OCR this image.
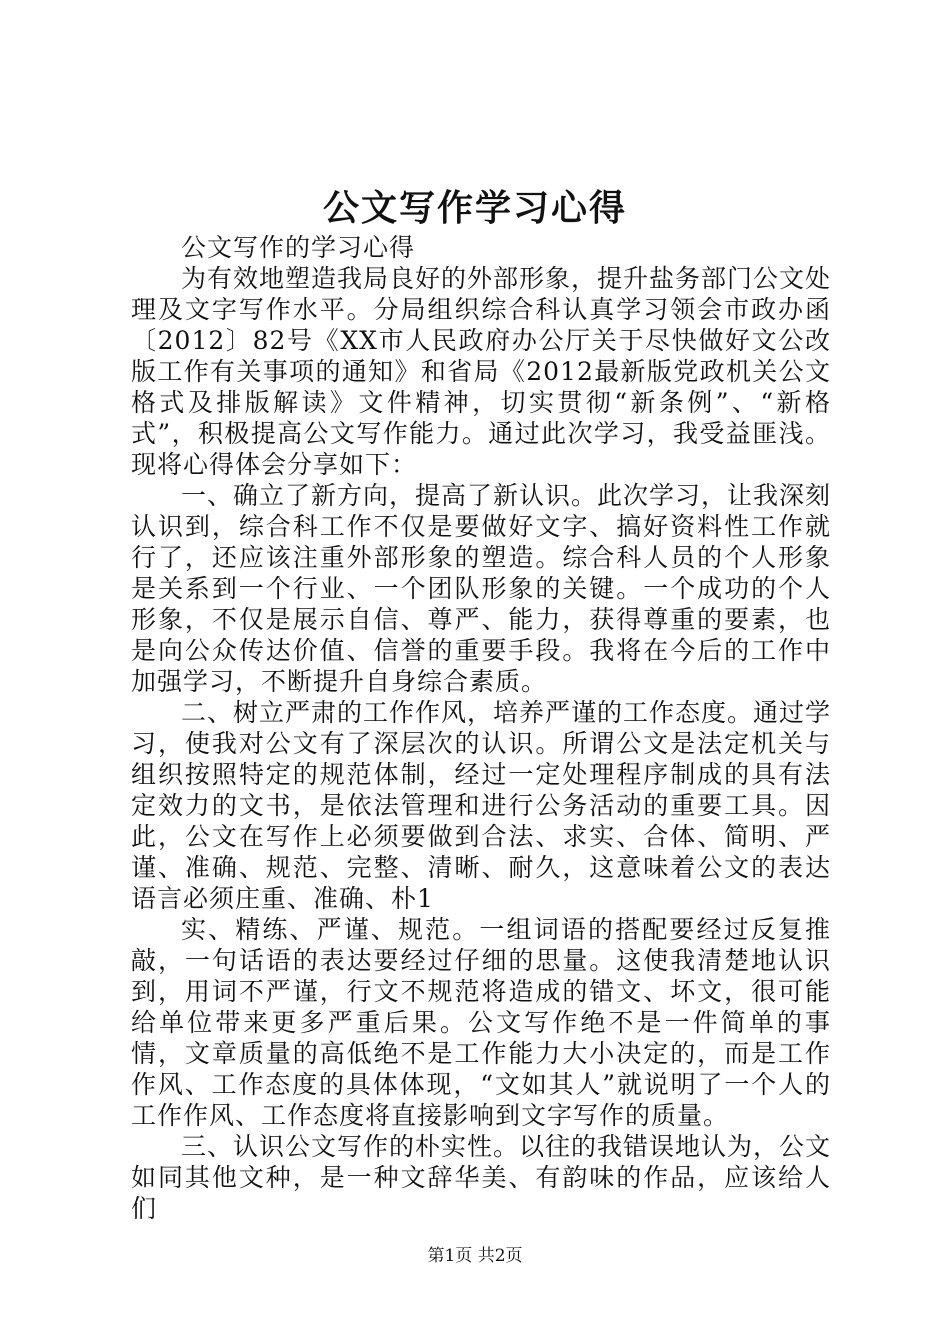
公文写作学习心得

公文写作的学习心得

为有效地塑造我局良好的外部形象，提升盐务部门公文处理及文字写作水平。分局组织综合科认真学习领会市政办函〔2012〕82号《XX市人民政府办公厅关于尽快做好文公改版工作有关事项的通知》和省局《2012最新版党政机关公文格式及排版解读》文件精神，切实贯彻“新条例”、“新格式”，积极提高公文写作能力。通过此次学习，我受益匪浅。现将心得体会分享如下：

一、确立了新方向，提高了新认识。此次学习，让我深刻认识到，综合科工作不仅是要做好文字、搞好资料性工作就行了，还应该注重外部形象的塑造。综合科人员的个人形象是关系到一个行业、一个团队形象的关键。一个成功的个人形象，不仅是展示自信、尊严、能力，获得尊重的要素，也是向公众传达价值、信誉的重要手段。我将在今后的工作中加强学习，不断提升自身综合素质。

二、树立严肃的工作作风，培养严谨的工作态度。通过学习，使我对公文有了深层次的认识。所谓公文是法定机关与组织按照特定的规范体制，经过一定处理程序制成的具有法定效力的文书，是依法管理和进行公务活动的重要工具。因此，公文在写作上必须要做到合法、求实、合体、简明、严谨、准确、规范、完整、清晰、耐久，这意味着公文的表达语言必须庄重、准确、朴1

实、精练、严谨、规范。一组词语的搭配要经过反复推敲，一句话语的表达要经过仔细的思量。这使我清楚地认识到，用词不严谨，行文不规范将造成的错文、坏文，很可能给单位带来更多严重后果。公文写作绝不是一件简单的事情，文章质量的高低绝不是工作能力大小决定的，而是工作作风、工作态度的具体体现，“文如其人”就说明了一个人的工作作风、工作态度将直接影响到文字写作的质量。

三、认识公文写作的朴实性。以往的我错误地认为，公文如同其他文种，是一种文辞华美、有韵味的作品，应该给人们

第1页 共2页
